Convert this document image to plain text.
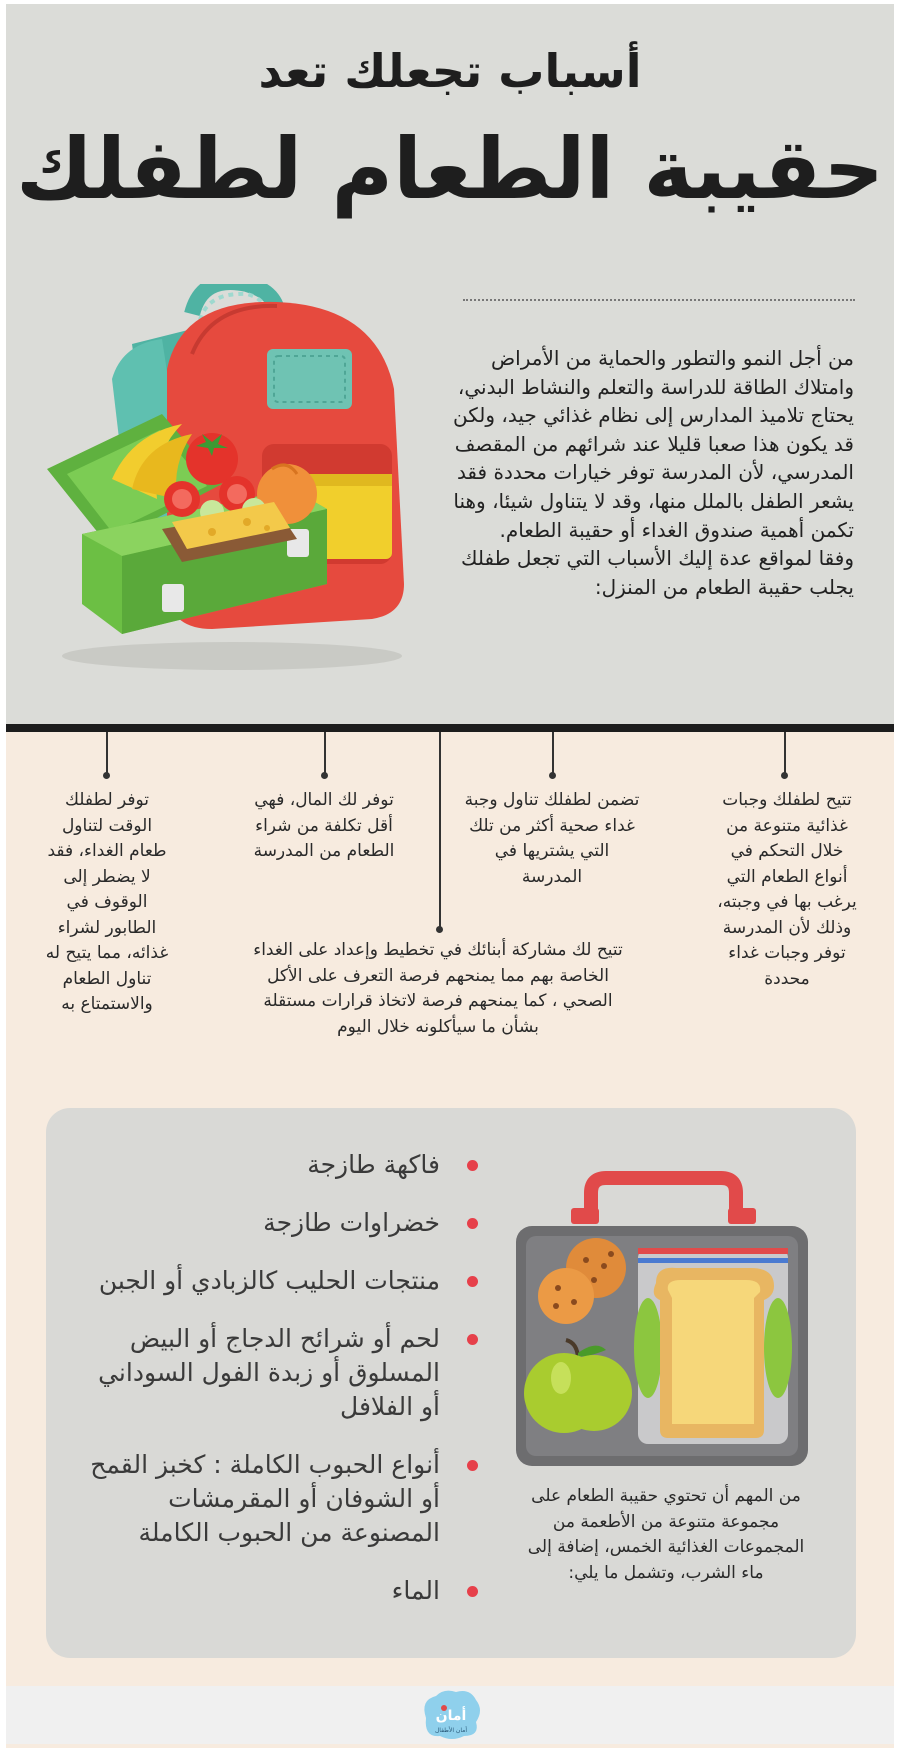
أسباب تجعلك تعد
حقيبة الطعام لطفلك

من أجل النمو والتطور والحماية من الأمراض وامتلاك الطاقة للدراسة والتعلم والنشاط البدني، يحتاج تلاميذ المدارس إلى نظام غذائي جيد، ولكن قد يكون هذا صعبا قليلا عند شرائهم من المقصف المدرسي، لأن المدرسة توفر خيارات محددة فقد يشعر الطفل بالملل منها، وقد لا يتناول شيئا، وهنا تكمن أهمية صندوق الغداء أو حقيبة الطعام.

وفقا لمواقع عدة إليك الأسباب التي تجعل طفلك يجلب حقيبة الطعام من المنزل:

تتيح لطفلك وجبات غذائية متنوعة من خلال التحكم في أنواع الطعام التي يرغب بها في وجبته، وذلك لأن المدرسة توفر وجبات غداء محددة

تضمن لطفلك تناول وجبة غداء صحية أكثر من تلك التي يشتريها في المدرسة

تتيح لك مشاركة أبنائك في تخطيط وإعداد على الغداء الخاصة بهم مما يمنحهم فرصة التعرف على الأكل الصحي ، كما يمنحهم فرصة لاتخاذ قرارات مستقلة بشأن ما سيأكلونه خلال اليوم

توفر لك المال، فهي أقل تكلفة من شراء الطعام من المدرسة

توفر لطفلك الوقت لتناول طعام الغداء، فقد لا يضطر إلى الوقوف في الطابور لشراء غذائه، مما يتيح له تناول الطعام والاستمتاع به

فاكهة طازجة
خضراوات طازجة
منتجات الحليب كالزبادي أو الجبن
لحم أو شرائح الدجاج أو البيض المسلوق أو زبدة الفول السوداني أو الفلافل
أنواع الحبوب الكاملة : كخبز القمح أو الشوفان أو المقرمشات المصنوعة من الحبوب الكاملة
الماء

من المهم أن تحتوي حقيبة الطعام على مجموعة متنوعة من الأطعمة من المجموعات الغذائية الخمس، إضافة إلى ماء الشرب، وتشمل ما يلي:

أمان
أمان الأطفال
